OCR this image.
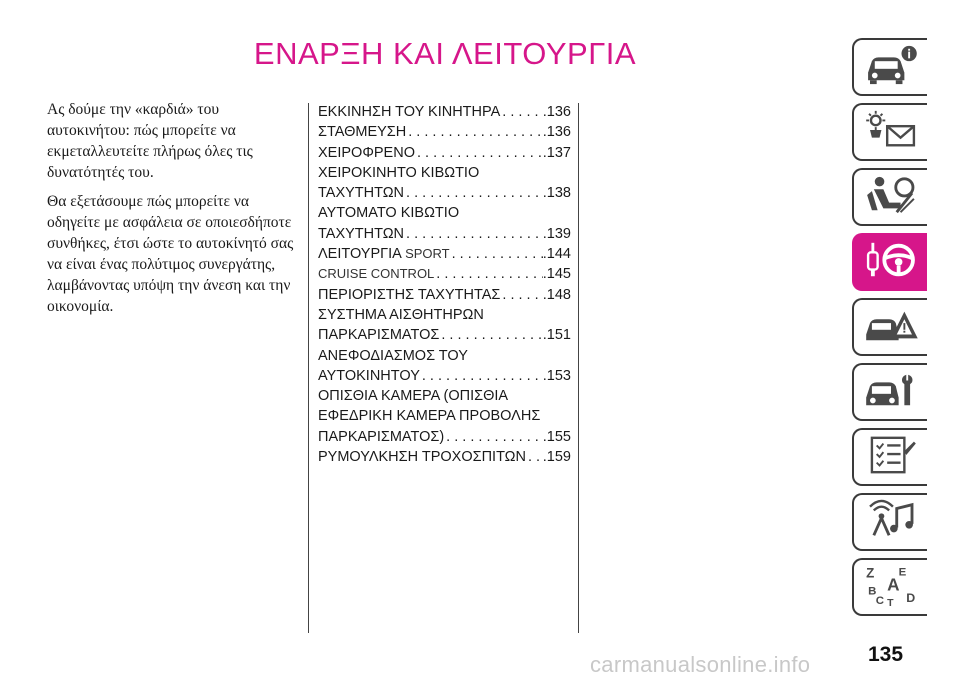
ΕΝΑΡΞΗ ΚΑΙ ΛΕΙΤΟΥΡΓΙΑ

Ας δούμε την «καρδιά» του αυτοκινήτου: πώς μπορείτε να εκμεταλλευτείτε πλήρως όλες τις δυνατότητές του.

Θα εξετάσουμε πώς μπορείτε να οδηγείτε με ασφάλεια σε οποιεσδήποτε συνθήκες, έτσι ώστε το αυτοκίνητό σας να είναι ένας πολύτιμος συνεργάτης, λαμβάνοντας υπόψη την άνεση και την οικονομία.

ΕΚΚΙΝΗΣΗ ΤΟΥ ΚΙΝΗΤΗΡΑ . . .	.136
ΣΤΑΘΜΕΥΣΗ . . .	.136
ΧΕΙΡΟΦΡΕΝΟ . . .	.137
ΧΕΙΡΟΚΙΝΗΤΟ ΚΙΒΩΤΙΟ
ΤΑΧΥΤΗΤΩΝ . . .	.138
ΑΥΤΟΜΑΤΟ ΚΙΒΩΤΙΟ
ΤΑΧΥΤΗΤΩΝ . . .	.139
ΛΕΙΤΟΥΡΓΙΑ SPORT . . .	.144
CRUISE CONTROL . . .	.145
ΠΕΡΙΟΡΙΣΤΗΣ ΤΑΧΥΤΗΤΑΣ . . .	.148
ΣΥΣΤΗΜΑ ΑΙΣΘΗΤΗΡΩΝ
ΠΑΡΚΑΡΙΣΜΑΤΟΣ . . .	.151
ΑΝΕΦΟΔΙΑΣΜΟΣ ΤΟΥ
ΑΥΤΟΚΙΝΗΤΟΥ . . .	.153
ΟΠΙΣΘΙΑ ΚΑΜΕΡΑ (ΟΠΙΣΘΙΑ
ΕΦΕΔΡΙΚΗ ΚΑΜΕΡΑ ΠΡΟΒΟΛΗΣ
ΠΑΡΚΑΡΙΣΜΑΤΟΣ) . . .	.155
ΡΥΜΟΥΛΚΗΣΗ ΤΡΟΧΟΣΠΙΤΩΝ . . . .159
Z E
B A
C T D
135
carmanualsonline.info
